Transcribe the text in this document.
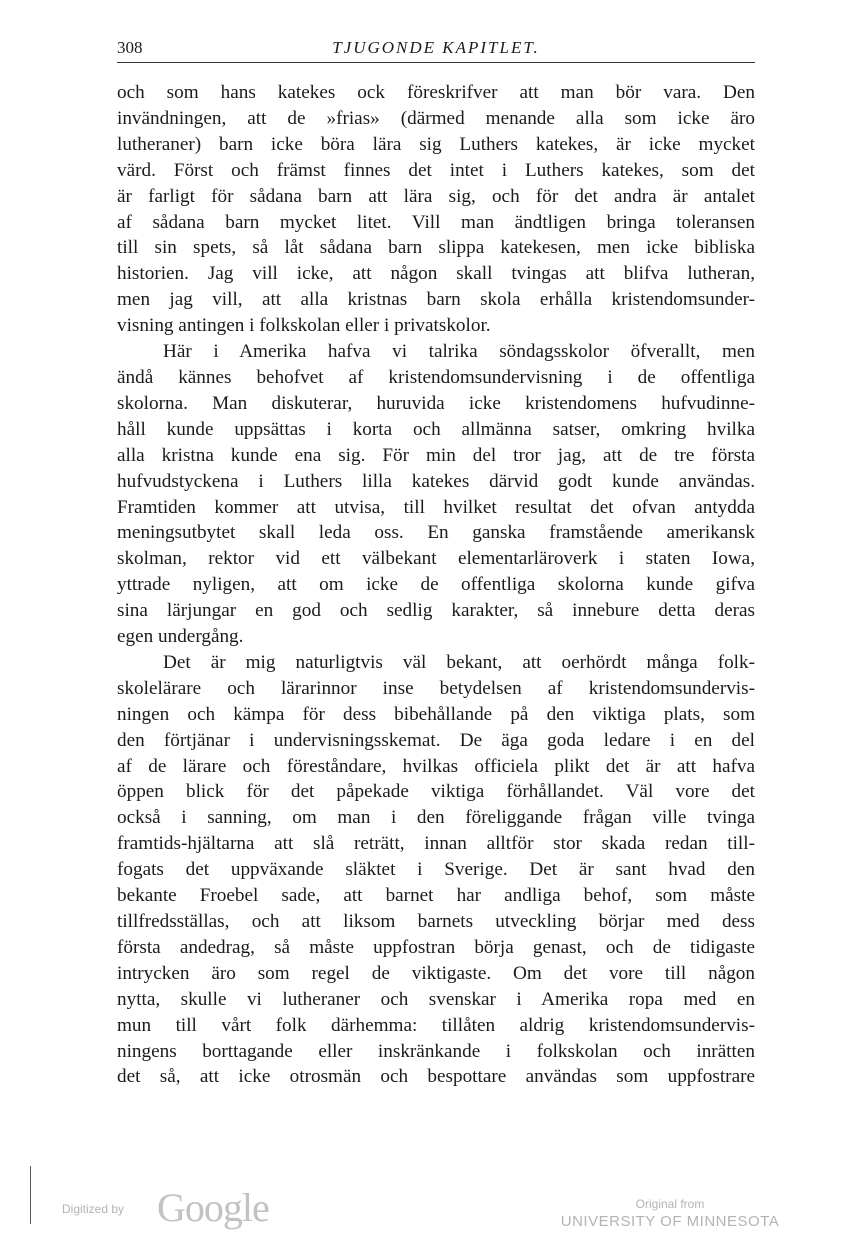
308	TJUGONDE KAPITLET.

och som hans katekes ock föreskrifver att man bör vara. Den

invändningen, att de »frias» (därmed menande alla som icke äro

lutheraner) barn icke böra lära sig Luthers katekes, är icke mycket

värd. Först och främst finnes det intet i Luthers katekes, som det

är farligt för sådana barn att lära sig, och för det andra är antalet

af sådana barn mycket litet. Vill man ändtligen bringa toleransen

till sin spets, så låt sådana barn slippa katekesen, men icke bibliska

historien. Jag vill icke, att någon skall tvingas att blifva lutheran,

men jag vill, att alla kristnas barn skola erhålla kristendomsunder-

visning antingen i folkskolan eller i privatskolor.

Här i Amerika hafva vi talrika söndagsskolor öfverallt, men

ändå kännes behofvet af kristendomsundervisning i de offentliga

skolorna. Man diskuterar, huruvida icke kristendomens hufvudinne-

håll kunde uppsättas i korta och allmänna satser, omkring hvilka

alla kristna kunde ena sig. För min del tror jag, att de tre första

hufvudstyckena i Luthers lilla katekes därvid godt kunde användas.

Framtiden kommer att utvisa, till hvilket resultat det ofvan antydda

meningsutbytet skall leda oss. En ganska framstående amerikansk

skolman, rektor vid ett välbekant elementarläroverk i staten Iowa,

yttrade nyligen, att om icke de offentliga skolorna kunde gifva

sina lärjungar en god och sedlig karakter, så innebure detta deras

egen undergång.

Det är mig naturligtvis väl bekant, att oerhördt många folk-

skolelärare och lärarinnor inse betydelsen af kristendomsundervis-

ningen och kämpa för dess bibehållande på den viktiga plats, som

den förtjänar i undervisningsskemat. De äga goda ledare i en del

af de lärare och föreståndare, hvilkas officiela plikt det är att hafva

öppen blick för det påpekade viktiga förhållandet. Väl vore det

också i sanning, om man i den föreliggande frågan ville tvinga

framtids-hjältarna att slå reträtt, innan alltför stor skada redan till-

fogats det uppväxande släktet i Sverige. Det är sant hvad den

bekante Froebel sade, att barnet har andliga behof, som måste

tillfredsställas, och att liksom barnets utveckling börjar med dess

första andedrag, så måste uppfostran börja genast, och de tidigaste

intrycken äro som regel de viktigaste. Om det vore till någon

nytta, skulle vi lutheraner och svenskar i Amerika ropa med en

mun till vårt folk därhemma: tillåten aldrig kristendomsundervis-

ningens borttagande eller inskränkande i folkskolan och inrätten

det så, att icke otrosmän och bespottare användas som uppfostrare

Digitized by Google	Original from
UNIVERSITY OF MINNESOTA
